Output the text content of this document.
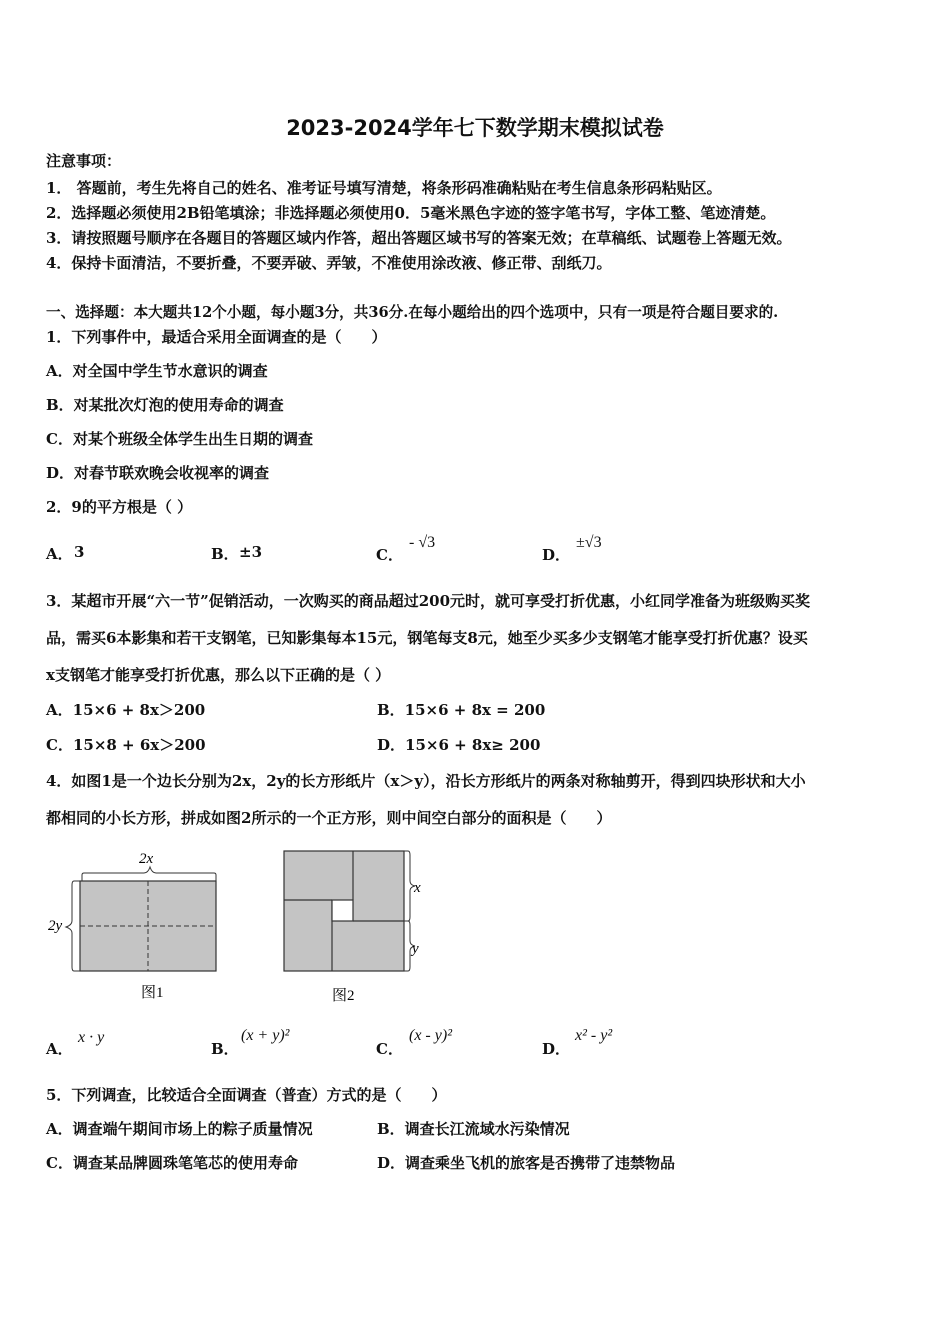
2023-2024学年七下数学期末模拟试卷
注意事项：
1． 答题前，考生先将自己的姓名、准考证号填写清楚，将条形码准确粘贴在考生信息条形码粘贴区。
2．选择题必须使用2B铅笔填涂；非选择题必须使用0．5毫米黑色字迹的签字笔书写，字体工整、笔迹清楚。
3．请按照题号顺序在各题目的答题区域内作答，超出答题区域书写的答案无效；在草稿纸、试题卷上答题无效。
4．保持卡面清洁，不要折叠，不要弄破、弄皱，不准使用涂改液、修正带、刮纸刀。
一、选择题：本大题共12个小题，每小题3分，共36分.在每小题给出的四个选项中，只有一项是符合题目要求的.
1．下列事件中，最适合采用全面调查的是（　　）
A．对全国中学生节水意识的调查
B．对某批次灯泡的使用寿命的调查
C．对某个班级全体学生出生日期的调查
D．对春节联欢晚会收视率的调查
2．9的平方根是（ ）
A． 3	B． ±3	C．
- √3
D．
±√3
3．某超市开展“六一节”促销活动，一次购买的商品超过200元时，就可享受打折优惠，小红同学准备为班级购买奖
品，需买6本影集和若干支钢笔，已知影集每本15元，钢笔每支8元，她至少买多少支钢笔才能享受打折优惠？设买
x支钢笔才能享受打折优惠，那么以下正确的是（ ）
A．15×6 + 8x＞200	B．15×6 + 8x = 200
C．15×8 + 6x＞200	D．15×6 + 8x≥ 200
4．如图1是一个边长分别为2x，2y的长方形纸片（x＞y），沿长方形纸片的两条对称轴剪开，得到四块形状和大小
都相同的小长方形，拼成如图2所示的一个正方形，则中间空白部分的面积是（　　）
2x
2y
图1
x
y
图2
A．
x · y
B．
(x + y)²
C．
(x - y)²
D．
x² - y²
5．下列调查，比较适合全面调查（普查）方式的是（　　）
A．调查端午期间市场上的粽子质量情况	B．调查长江流域水污染情况
C．调查某品牌圆珠笔笔芯的使用寿命	D．调查乘坐飞机的旅客是否携带了违禁物品
